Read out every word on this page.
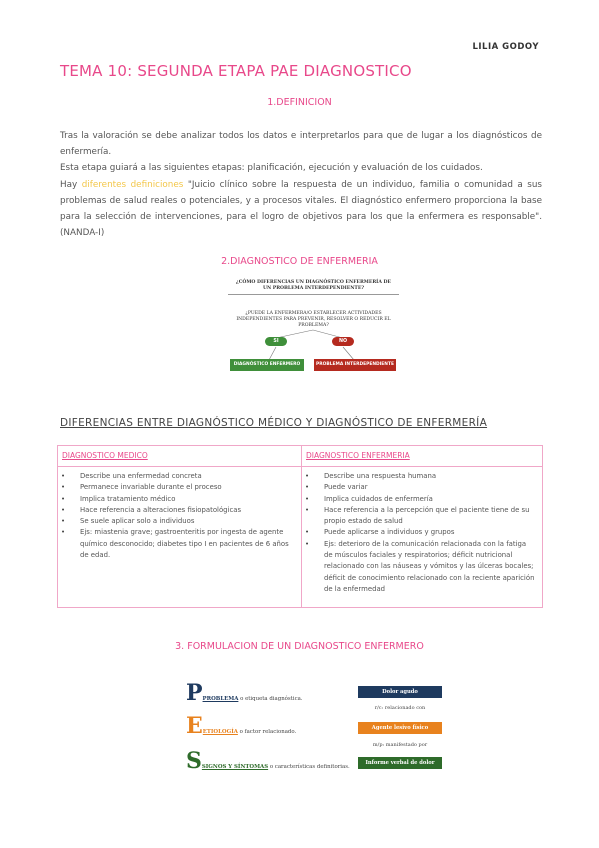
LILIA GODOY
TEMA 10: SEGUNDA ETAPA PAE DIAGNOSTICO
1.DEFINICION

Tras la valoración se debe analizar todos los datos e interpretarlos para que de lugar a los diagnósticos de enfermería.

Esta etapa guiará a las siguientes etapas: planificación, ejecución y evaluación de los cuidados.

Hay diferentes definiciones "Juicio clínico sobre la respuesta de un individuo, familia o comunidad a sus problemas de salud reales o potenciales, y a procesos vitales. El diagnóstico enfermero proporciona la base para la selección de intervenciones, para el logro de objetivos para los que la enfermera es responsable". (NANDA-I)

2.DIAGNOSTICO DE ENFERMERIA
¿CÓMO DIFERENCIAS UN DIAGNÓSTICO ENFERMERÍA DE UN PROBLEMA INTERDEPENDIENTE?
¿PUEDE LA ENFERMERA/O ESTABLECER ACTIVIDADES INDEPENDIENTES PARA PREVENIR, RESOLVER O REDUCIR EL PROBLEMA?
SI	NO
DIAGNÓSTICO ENFERMERO	PROBLEMA INTERDEPENDIENTE
DIFERENCIAS ENTRE DIAGNÓSTICO MÉDICO Y DIAGNÓSTICO DE ENFERMERÍA
DIAGNOSTICO MEDICO	DIAGNOSTICO ENFERMERIA
• Describe una enfermedad concreta
• Permanece invariable durante el proceso
• Implica tratamiento médico
• Hace referencia a alteraciones fisiopatológicas
• Se suele aplicar solo a individuos
• Ejs: miastenia grave; gastroenteritis por ingesta de agente químico desconocido; diabetes tipo I en pacientes de 6 años de edad.
• Describe una respuesta humana
• Puede variar
• Implica cuidados de enfermería
• Hace referencia a la percepción que el paciente tiene de su propio estado de salud
• Puede aplicarse a individuos y grupos
• Ejs: deterioro de la comunicación relacionada con la fatiga de músculos faciales y respiratorios; déficit nutricional relacionado con las náuseas y vómitos y las úlceras bocales; déficit de conocimiento relacionado con la reciente aparición de la enfermedad
3. FORMULACION DE UN DIAGNOSTICO ENFERMERO
PPROBLEMA o etiqueta diagnóstica.
EETIOLOGÍA o factor relacionado.
SSIGNOS Y SÍNTOMAS o características definitorias.
Dolor agudo
r/c: relacionado con
Agente lesivo físico
m/p: manifestado por
Informe verbal de dolor
